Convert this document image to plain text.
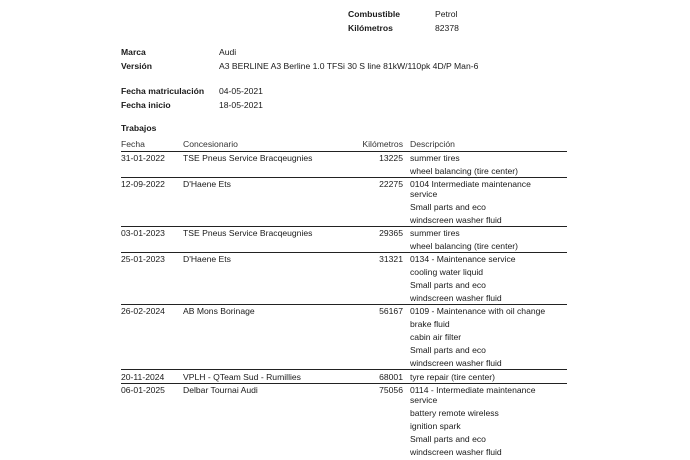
Combustible	Petrol
Kilómetros	82378
Marca	Audi
Versión	A3 BERLINE A3 Berline 1.0 TFSi 30 S line 81kW/110pk 4D/P Man-6
Fecha matriculación 04-05-2021
Fecha inicio	18-05-2021
Trabajos
Fecha	Concesionario	Kilómetros Descripción
31-01-2022 TSE Pneus Service Bracqeugnies	13225 summer tires
wheel balancing (tire center)
12-09-2022 D'Haene Ets	22275 0104 Intermediate maintenance service
Small parts and eco
windscreen washer fluid
03-01-2023 TSE Pneus Service Bracqeugnies	29365 summer tires
wheel balancing (tire center)
25-01-2023 D'Haene Ets	31321 0134 - Maintenance service
cooling water liquid
Small parts and eco
windscreen washer fluid
26-02-2024 AB Mons Borinage	56167 0109 - Maintenance with oil change
brake fluid
cabin air filter
Small parts and eco
windscreen washer fluid
20-11-2024 VPLH - QTeam Sud - Rumillies	68001 tyre repair (tire center)
06-01-2025 Delbar Tournai Audi	75056 0114 - Intermediate maintenance service
battery remote wireless
ignition spark
Small parts and eco
windscreen washer fluid
